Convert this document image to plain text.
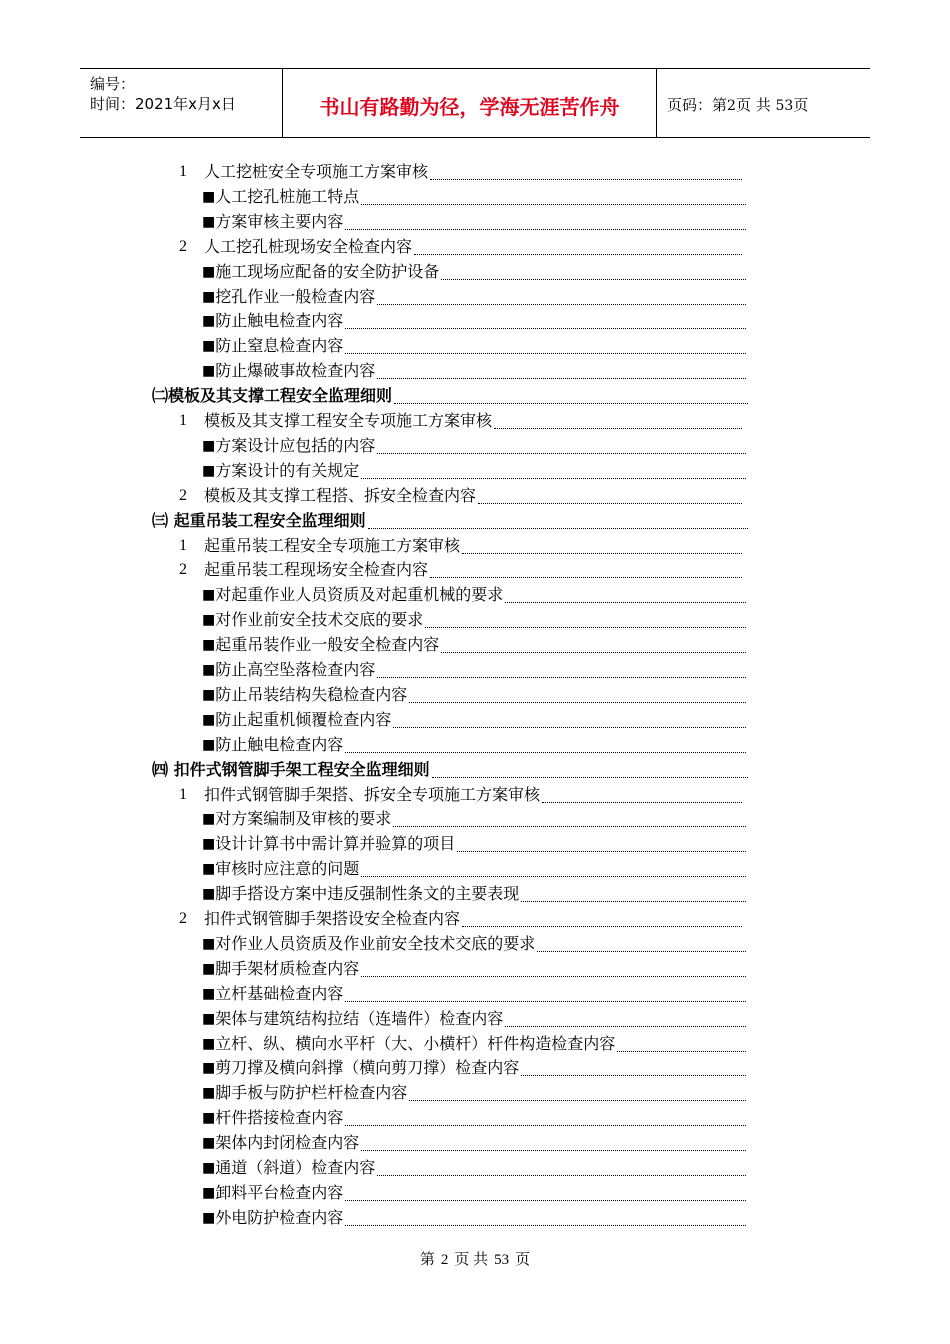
编号：
时间：2021年x月x日	书山有路勤为径，学海无涯苦作舟	页码：第2页 共 53页
1	人工挖桩安全专项施工方案审核
■ 人工挖孔桩施工特点
■ 方案审核主要内容
2	人工挖孔桩现场安全检查内容
■ 施工现场应配备的安全防护设备
■ 挖孔作业一般检查内容
■ 防止触电检查内容
■ 防止窒息检查内容
■ 防止爆破事故检查内容
㈡模板及其支撑工程安全监理细则
1	模板及其支撑工程安全专项施工方案审核
■ 方案设计应包括的内容
■ 方案设计的有关规定
2	模板及其支撑工程搭、拆安全检查内容
㈢ 起重吊装工程安全监理细则
1	起重吊装工程安全专项施工方案审核
2	起重吊装工程现场安全检查内容
■ 对起重作业人员资质及对起重机械的要求
■ 对作业前安全技术交底的要求
■ 起重吊装作业一般安全检查内容
■ 防止高空坠落检查内容
■ 防止吊装结构失稳检查内容
■ 防止起重机倾覆检查内容
■ 防止触电检查内容
㈣ 扣件式钢管脚手架工程安全监理细则
1	扣件式钢管脚手架搭、拆安全专项施工方案审核
■ 对方案编制及审核的要求
■ 设计计算书中需计算并验算的项目
■ 审核时应注意的问题
■ 脚手搭设方案中违反强制性条文的主要表现
2	扣件式钢管脚手架搭设安全检查内容
■ 对作业人员资质及作业前安全技术交底的要求
■ 脚手架材质检查内容
■ 立杆基础检查内容
■ 架体与建筑结构拉结（连墙件）检查内容
■ 立杆、纵、横向水平杆（大、小横杆）杆件构造检查内容
■ 剪刀撑及横向斜撑（横向剪刀撑）检查内容
■ 脚手板与防护栏杆检查内容
■ 杆件搭接检查内容
■ 架体内封闭检查内容
■ 通道（斜道）检查内容
■ 卸料平台检查内容
■ 外电防护检查内容
第 2 页 共 53 页
